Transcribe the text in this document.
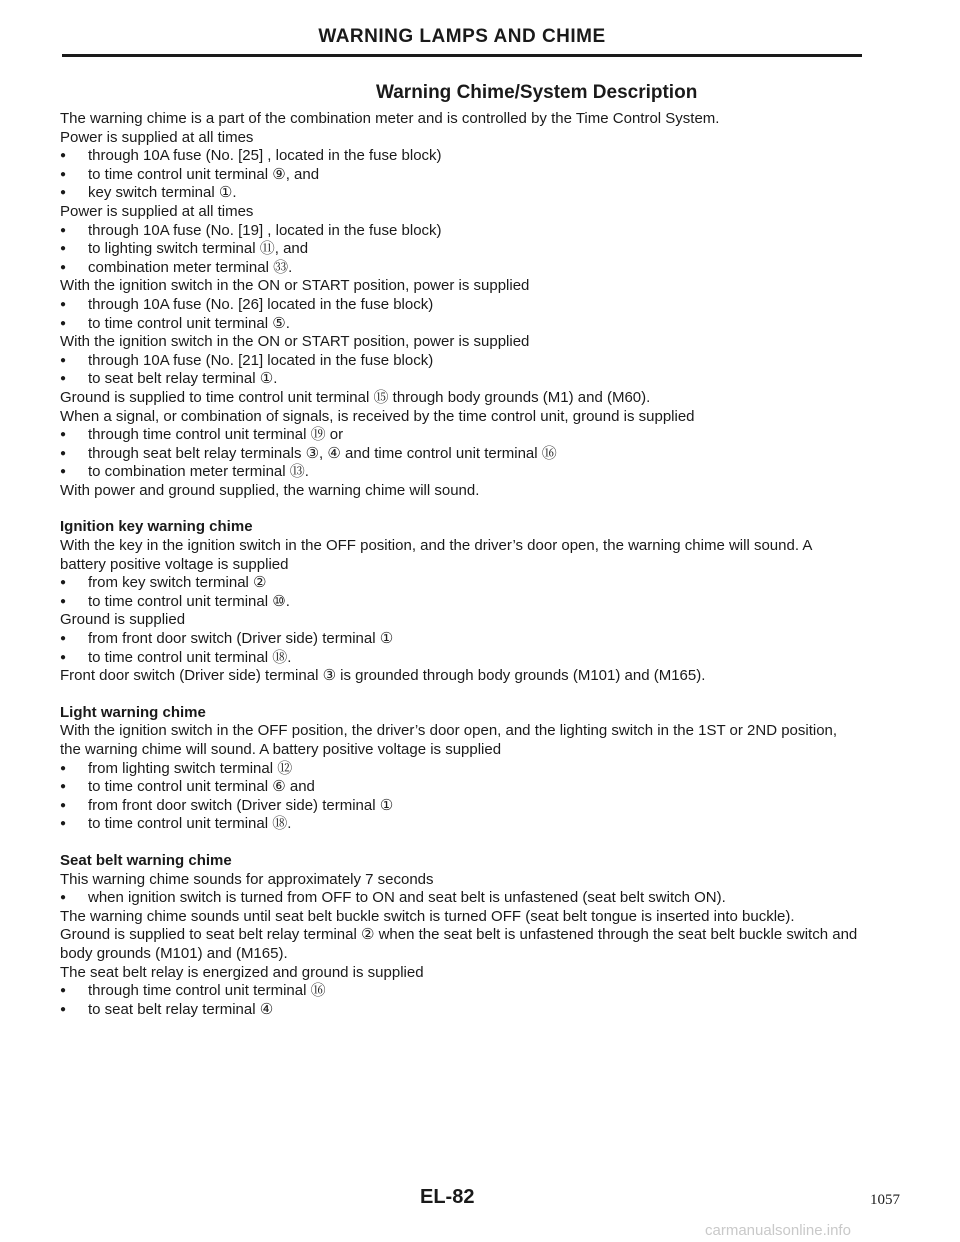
WARNING LAMPS AND CHIME
Warning Chime/System Description

The warning chime is a part of the combination meter and is controlled by the Time Control System.

Power is supplied at all times

● through 10A fuse (No. [25] , located in the fuse block)

● to time control unit terminal ⑨, and

● key switch terminal ①.

Power is supplied at all times

● through 10A fuse (No. [19] , located in the fuse block)

● to lighting switch terminal ⑪, and

● combination meter terminal ㉝.

With the ignition switch in the ON or START position, power is supplied

● through 10A fuse (No. [26] located in the fuse block)

● to time control unit terminal ⑤.

With the ignition switch in the ON or START position, power is supplied

● through 10A fuse (No. [21] located in the fuse block)

● to seat belt relay terminal ①.

Ground is supplied to time control unit terminal ⑮ through body grounds (M1) and (M60).

When a signal, or combination of signals, is received by the time control unit, ground is supplied

● through time control unit terminal ⑲ or

● through seat belt relay terminals ③, ④ and time control unit terminal ⑯

● to combination meter terminal ⑬.

With power and ground supplied, the warning chime will sound.

Ignition key warning chime

With the key in the ignition switch in the OFF position, and the driver’s door open, the warning chime will sound. A battery positive voltage is supplied

● from key switch terminal ②

● to time control unit terminal ⑩.

Ground is supplied

● from front door switch (Driver side) terminal ①

● to time control unit terminal ⑱.

Front door switch (Driver side) terminal ③ is grounded through body grounds (M101) and (M165).

Light warning chime

With the ignition switch in the OFF position, the driver’s door open, and the lighting switch in the 1ST or 2ND position, the warning chime will sound. A battery positive voltage is supplied

● from lighting switch terminal ⑫

● to time control unit terminal ⑥ and

● from front door switch (Driver side) terminal ①

● to time control unit terminal ⑱.

Seat belt warning chime

This warning chime sounds for approximately 7 seconds

● when ignition switch is turned from OFF to ON and seat belt is unfastened (seat belt switch ON).

The warning chime sounds until seat belt buckle switch is turned OFF (seat belt tongue is inserted into buckle).

Ground is supplied to seat belt relay terminal ② when the seat belt is unfastened through the seat belt buckle switch and body grounds (M101) and (M165).

The seat belt relay is energized and ground is supplied

● through time control unit terminal ⑯

● to seat belt relay terminal ④

EL-82	1057
carmanualsonline.info
